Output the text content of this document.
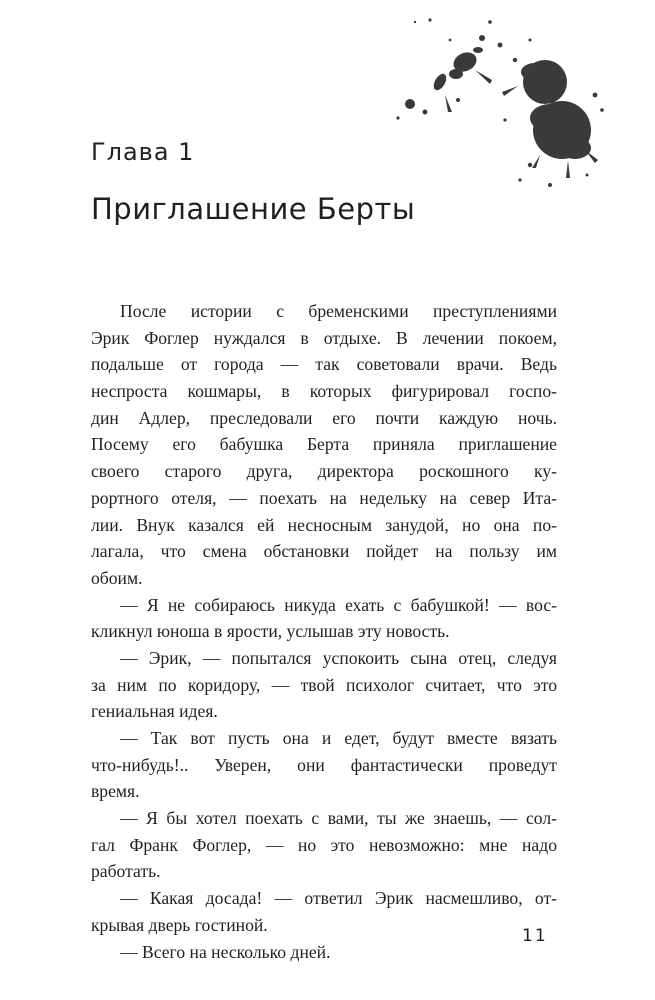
Глава 1
Приглашение Берты
После истории с бременскими преступлениями
Эрик Фоглер нуждался в отдыхе. В лечении покоем,
подальше от города — так советовали врачи. Ведь
неспроста кошмары, в которых фигурировал госпо-
дин Адлер, преследовали его почти каждую ночь.
Посему его бабушка Берта приняла приглашение
своего старого друга, директора роскошного ку-
рортного отеля, — поехать на недельку на север Ита-
лии. Внук казался ей несносным занудой, но она по-
лагала, что смена обстановки пойдет на пользу им
обоим.
— Я не собираюсь никуда ехать с бабушкой! — вос-
кликнул юноша в ярости, услышав эту новость.
— Эрик, — попытался успокоить сына отец, следуя
за ним по коридору, — твой психолог считает, что это
гениальная идея.
— Так вот пусть она и едет, будут вместе вязать
что-нибудь!.. Уверен, они фантастически проведут
время.
— Я бы хотел поехать с вами, ты же знаешь, — сол-
гал Франк Фоглер, — но это невозможно: мне надо
работать.
— Какая досада! — ответил Эрик насмешливо, от-
крывая дверь гостиной.
— Всего на несколько дней.
11
